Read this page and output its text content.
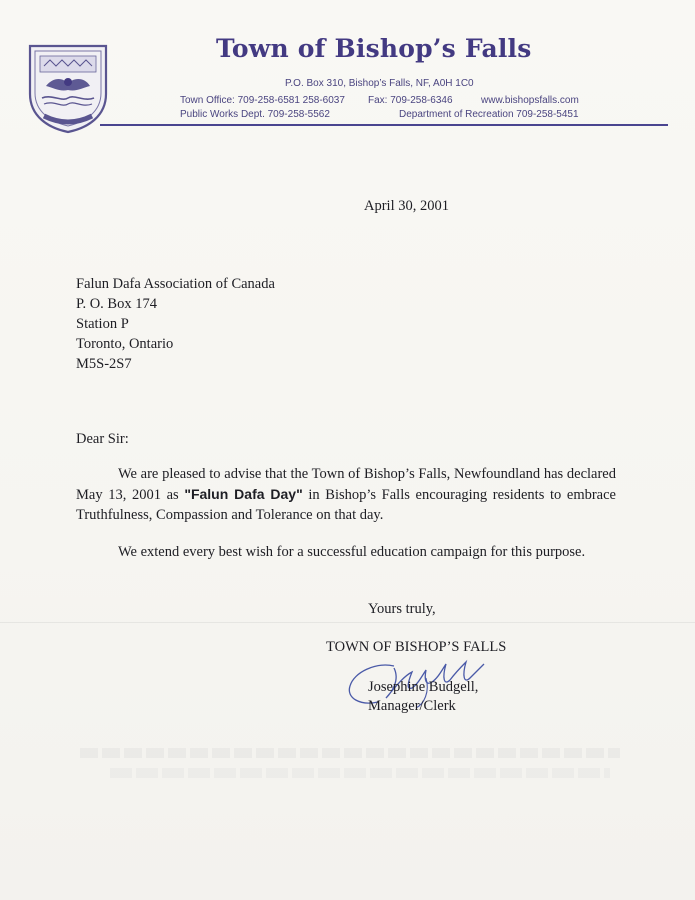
Town of Bishop’s Falls
P.O. Box 310, Bishop’s Falls, NF, A0H 1C0
Town Office: 709-258-6581 258-6037 Fax: 709-258-6346	www.bishopsfalls.com
Public Works Dept. 709-258-5562	Department of Recreation 709-258-5451
April 30, 2001
Falun Dafa Association of Canada
P. O. Box 174
Station P
Toronto, Ontario
M5S-2S7
Dear Sir:
We are pleased to advise that the Town of Bishop’s Falls, Newfoundland has declared May 13, 2001 as "Falun Dafa Day" in Bishop’s Falls encouraging residents to embrace Truthfulness, Compassion and Tolerance on that day.
We extend every best wish for a successful education campaign for this purpose.
Yours truly,
TOWN OF BISHOP’S FALLS
Josephine Budgell,
Manager/Clerk
